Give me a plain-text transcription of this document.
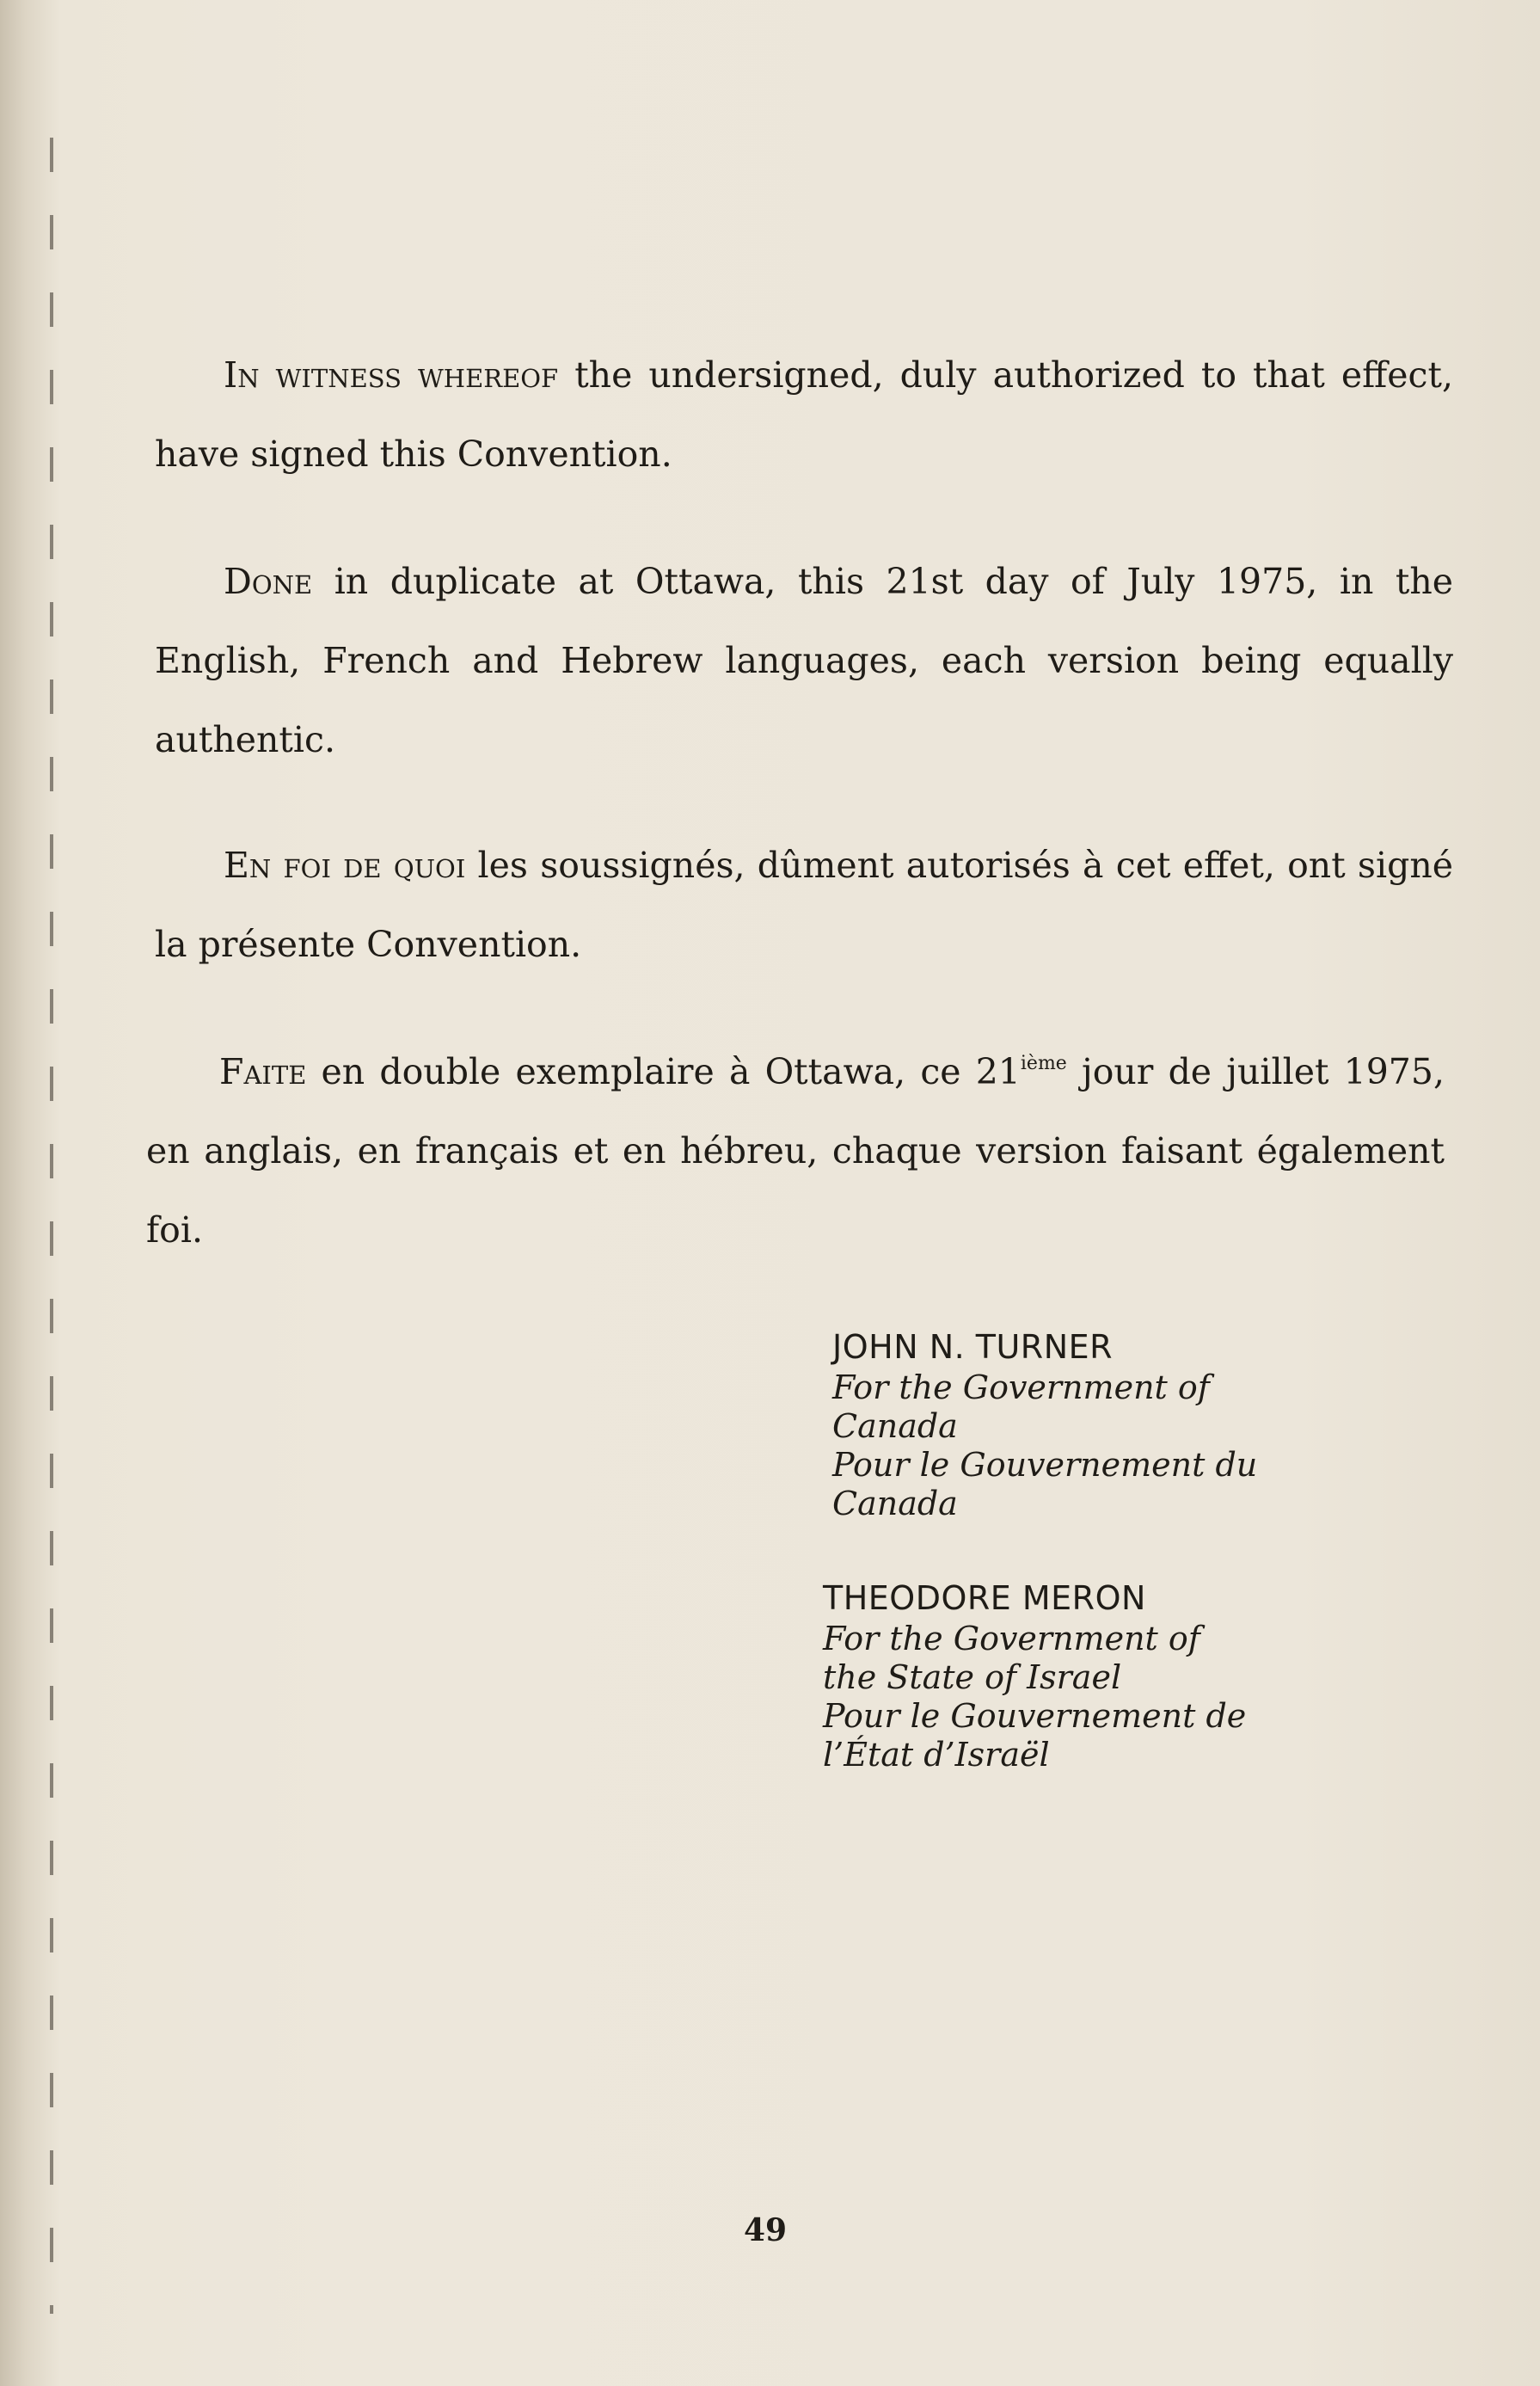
In witness whereof the undersigned, duly authorized to that effect, have signed this Convention.

Done in duplicate at Ottawa, this 21st day of July 1975, in the English, French and Hebrew languages, each version being equally authentic.

En foi de quoi les soussignés, dûment autorisés à cet effet, ont signé la présente Convention.

Faite en double exemplaire à Ottawa, ce 21ième jour de juillet 1975, en anglais, en français et en hébreu, chaque version faisant également foi.

JOHN N. TURNER
For the Government of
Canada
Pour le Gouvernement du
Canada
THEODORE MERON
For the Government of
the State of Israel
Pour le Gouvernement de
l’État d’Israël
49
